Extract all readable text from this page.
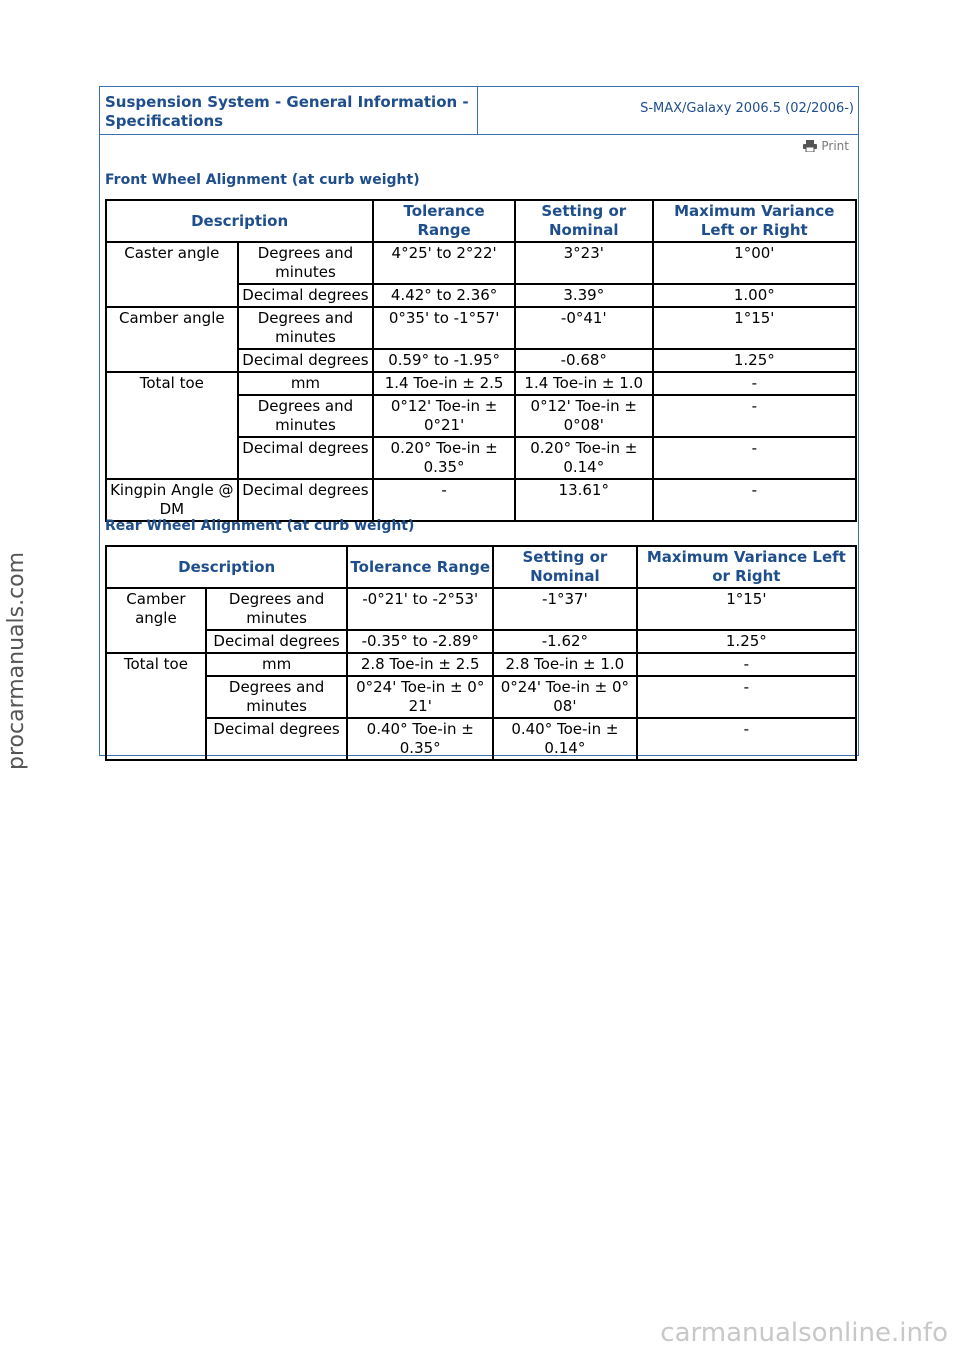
Suspension System - General Information - Specifications
S-MAX/Galaxy 2006.5 (02/2006-)
Print
Front Wheel Alignment (at curb weight)
Description		Tolerance Range	Setting or Nominal	Maximum Variance Left or Right
Caster angle	Degrees and minutes	4°25' to 2°22'	3°23'	1°00'
	Decimal degrees	4.42° to 2.36°	3.39°	1.00°
Camber angle	Degrees and minutes	0°35' to -1°57'	-0°41'	1°15'
	Decimal degrees	0.59° to -1.95°	-0.68°	1.25°
Total toe	mm	1.4 Toe-in ± 2.5	1.4 Toe-in ± 1.0	-
	Degrees and minutes	0°12' Toe-in ± 0°21'	0°12' Toe-in ± 0°08'	-
	Decimal degrees	0.20° Toe-in ± 0.35°	0.20° Toe-in ± 0.14°	-
Kingpin Angle @ DM	Decimal degrees	-	13.61°	-
Rear Wheel Alignment (at curb weight)
Description		Tolerance Range	Setting or Nominal	Maximum Variance Left or Right
Camber angle	Degrees and minutes	-0°21' to -2°53'	-1°37'	1°15'
	Decimal degrees	-0.35° to -2.89°	-1.62°	1.25°
Total toe	mm	2.8 Toe-in ± 2.5	2.8 Toe-in ± 1.0	-
	Degrees and minutes	0°24' Toe-in ± 0° 21'	0°24' Toe-in ± 0° 08'	-
	Decimal degrees	0.40° Toe-in ± 0.35°	0.40° Toe-in ± 0.14°	-
procarmanuals.com
carmanualsonline.info
